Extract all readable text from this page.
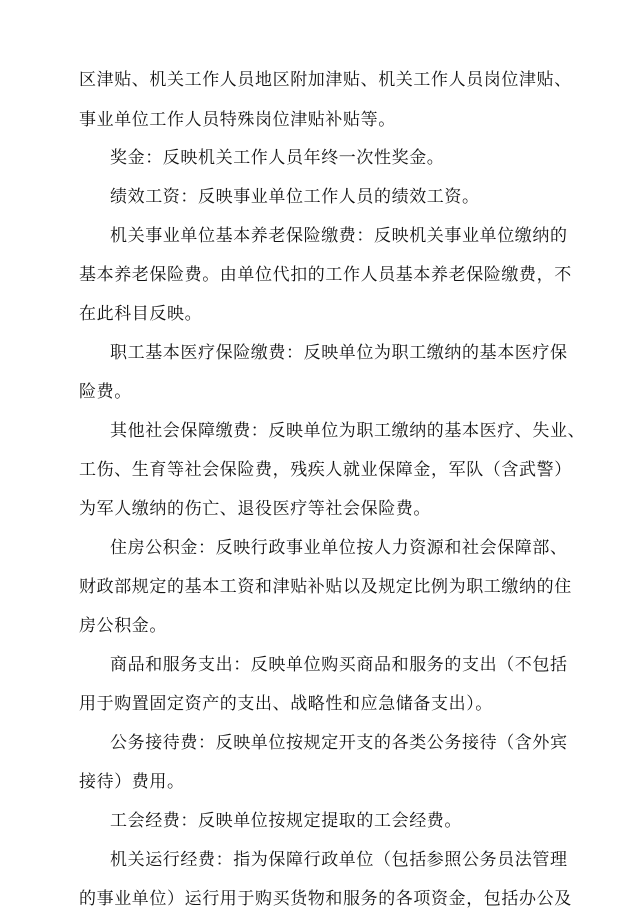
区津贴、机关工作人员地区附加津贴、机关工作人员岗位津贴、
事业单位工作人员特殊岗位津贴补贴等。
奖金：反映机关工作人员年终一次性奖金。
绩效工资：反映事业单位工作人员的绩效工资。
机关事业单位基本养老保险缴费：反映机关事业单位缴纳的
基本养老保险费。由单位代扣的工作人员基本养老保险缴费，不
在此科目反映。
职工基本医疗保险缴费：反映单位为职工缴纳的基本医疗保
险费。
其他社会保障缴费：反映单位为职工缴纳的基本医疗、失业、
工伤、生育等社会保险费，残疾人就业保障金，军队（含武警）
为军人缴纳的伤亡、退役医疗等社会保险费。
住房公积金：反映行政事业单位按人力资源和社会保障部、
财政部规定的基本工资和津贴补贴以及规定比例为职工缴纳的住
房公积金。
商品和服务支出：反映单位购买商品和服务的支出（不包括
用于购置固定资产的支出、战略性和应急储备支出）。
公务接待费：反映单位按规定开支的各类公务接待（含外宾
接待）费用。
工会经费：反映单位按规定提取的工会经费。
机关运行经费：指为保障行政单位（包括参照公务员法管理
的事业单位）运行用于购买货物和服务的各项资金，包括办公及
